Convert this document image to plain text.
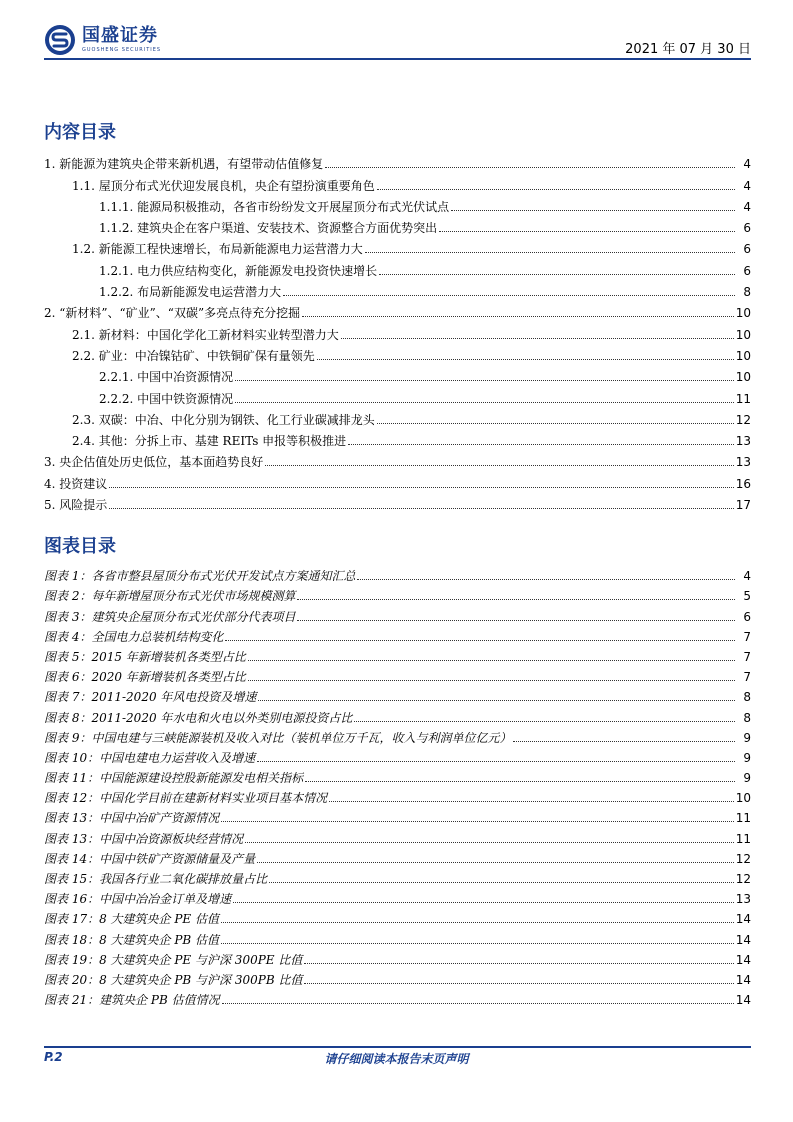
国盛证券
GUOSHENG SECURITIES	2021 年 07 月 30 日
内容目录
1. 新能源为建筑央企带来新机遇，有望带动估值修复	4
1.1. 屋顶分布式光伏迎发展良机，央企有望扮演重要角色	4
1.1.1. 能源局积极推动，各省市纷纷发文开展屋顶分布式光伏试点	4
1.1.2. 建筑央企在客户渠道、安装技术、资源整合方面优势突出	6
1.2. 新能源工程快速增长，布局新能源电力运营潜力大	6
1.2.1. 电力供应结构变化，新能源发电投资快速增长	6
1.2.2. 布局新能源发电运营潜力大	8
2. “新材料”、“矿业”、“双碳”多亮点待充分挖掘	10
2.1. 新材料：中国化学化工新材料实业转型潜力大	10
2.2. 矿业：中冶镍钴矿、中铁铜矿保有量领先	10
2.2.1. 中国中冶资源情况	10
2.2.2. 中国中铁资源情况	11
2.3. 双碳：中冶、中化分别为钢铁、化工行业碳减排龙头	12
2.4. 其他：分拆上市、基建 REITs 申报等积极推进	13
3. 央企估值处历史低位，基本面趋势良好	13
4. 投资建议	16
5. 风险提示	17
图表目录
图表 1：各省市整县屋顶分布式光伏开发试点方案通知汇总	4
图表 2：每年新增屋顶分布式光伏市场规模测算	5
图表 3：建筑央企屋顶分布式光伏部分代表项目	6
图表 4：全国电力总装机结构变化	7
图表 5：2015 年新增装机各类型占比	7
图表 6：2020 年新增装机各类型占比	7
图表 7：2011-2020 年风电投资及增速	8
图表 8：2011-2020 年水电和火电以外类别电源投资占比	8
图表 9：中国电建与三峡能源装机及收入对比（装机单位万千瓦，收入与利润单位亿元）	9
图表 10：中国电建电力运营收入及增速	9
图表 11：中国能源建设控股新能源发电相关指标	9
图表 12：中国化学目前在建新材料实业项目基本情况	10
图表 13：中国中冶矿产资源情况	11
图表 13：中国中冶资源板块经营情况	11
图表 14：中国中铁矿产资源储量及产量	12
图表 15：我国各行业二氧化碳排放量占比	12
图表 16：中国中冶冶金订单及增速	13
图表 17：8 大建筑央企 PE 估值	14
图表 18：8 大建筑央企 PB 估值	14
图表 19：8 大建筑央企 PE 与沪深 300PE 比值	14
图表 20：8 大建筑央企 PB 与沪深 300PB 比值	14
图表 21：建筑央企 PB 估值情况	14
P.2	请仔细阅读本报告末页声明
